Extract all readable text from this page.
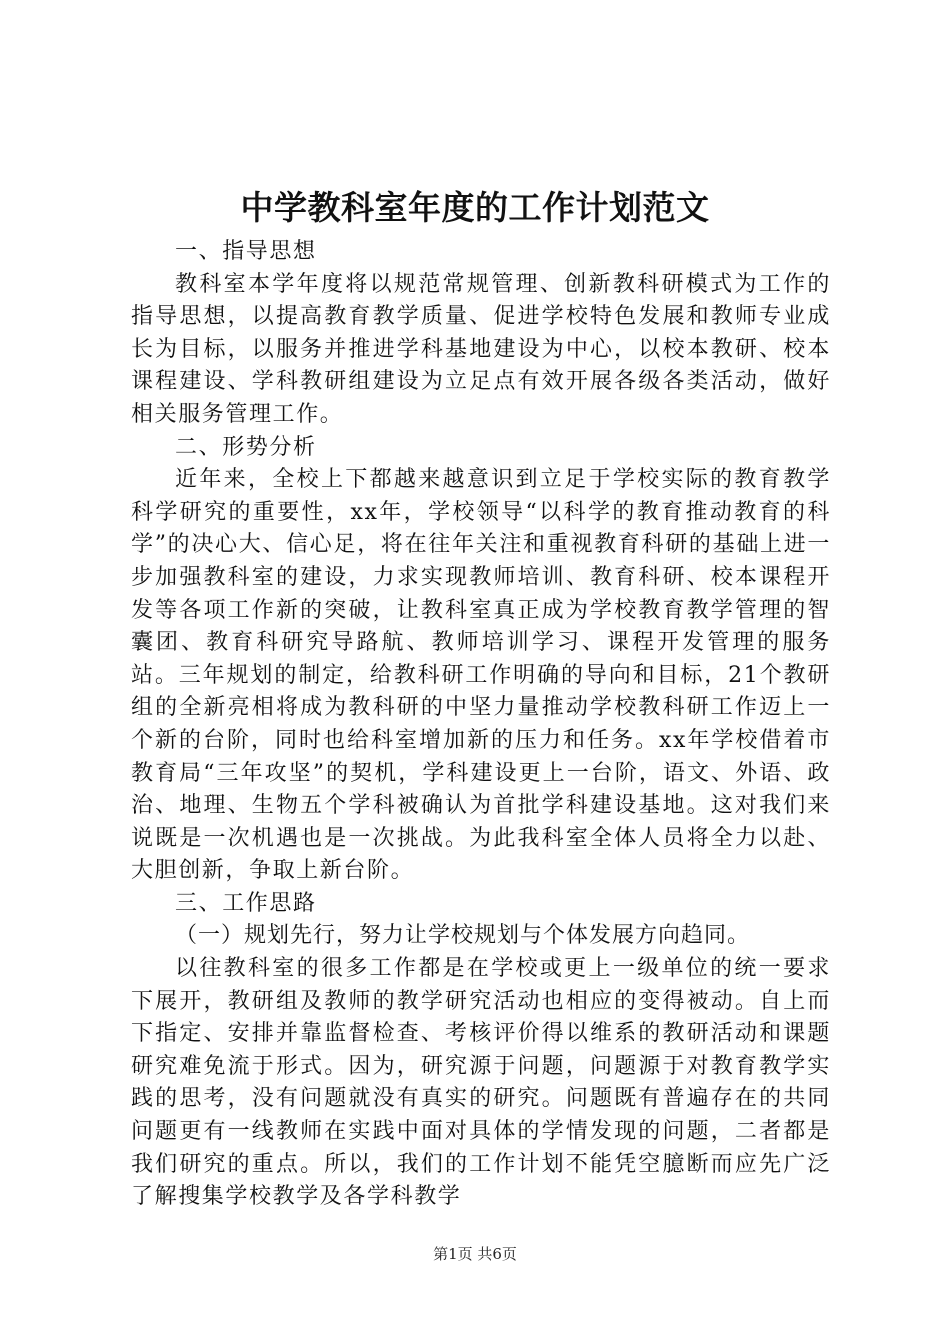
中学教科室年度的工作计划范文
一、指导思想
教科室本学年度将以规范常规管理、创新教科研模式为工作的指导思想，以提高教育教学质量、促进学校特色发展和教师专业成长为目标，以服务并推进学科基地建设为中心，以校本教研、校本课程建设、学科教研组建设为立足点有效开展各级各类活动，做好相关服务管理工作。
二、形势分析
近年来，全校上下都越来越意识到立足于学校实际的教育教学科学研究的重要性，xx年，学校领导“以科学的教育推动教育的科学”的决心大、信心足，将在往年关注和重视教育科研的基础上进一步加强教科室的建设，力求实现教师培训、教育科研、校本课程开发等各项工作新的突破，让教科室真正成为学校教育教学管理的智囊团、教育科研究导路航、教师培训学习、课程开发管理的服务站。三年规划的制定，给教科研工作明确的导向和目标，21个教研组的全新亮相将成为教科研的中坚力量推动学校教科研工作迈上一个新的台阶，同时也给科室增加新的压力和任务。xx年学校借着市教育局“三年攻坚”的契机，学科建设更上一台阶，语文、外语、政治、地理、生物五个学科被确认为首批学科建设基地。这对我们来说既是一次机遇也是一次挑战。为此我科室全体人员将全力以赴、大胆创新，争取上新台阶。
三、工作思路
（一）规划先行，努力让学校规划与个体发展方向趋同。
以往教科室的很多工作都是在学校或更上一级单位的统一要求下展开，教研组及教师的教学研究活动也相应的变得被动。自上而下指定、安排并靠监督检查、考核评价得以维系的教研活动和课题研究难免流于形式。因为，研究源于问题，问题源于对教育教学实践的思考，没有问题就没有真实的研究。问题既有普遍存在的共同问题更有一线教师在实践中面对具体的学情发现的问题，二者都是我们研究的重点。所以，我们的工作计划不能凭空臆断而应先广泛了解搜集学校教学及各学科教学
第1页 共6页
